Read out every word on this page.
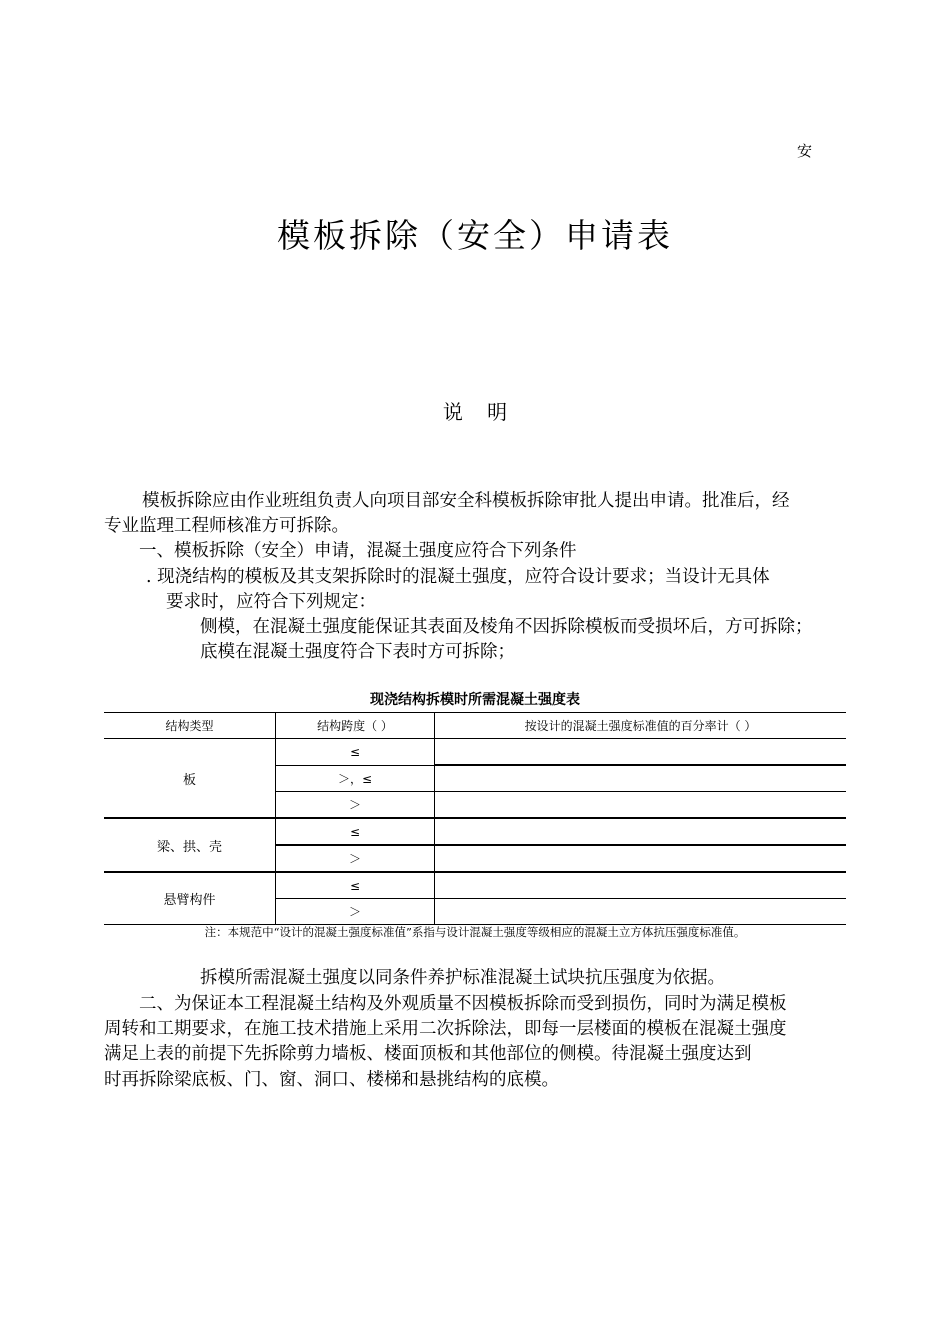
安
模板拆除（安全）申请表
说 明
模板拆除应由作业班组负责人向项目部安全科模板拆除审批人提出申请。批准后，经
专业监理工程师核准方可拆除。
一、模板拆除（安全）申请，混凝土强度应符合下列条件
. 现浇结构的模板及其支架拆除时的混凝土强度，应符合设计要求；当设计无具体
要求时，应符合下列规定：
侧模，在混凝土强度能保证其表面及棱角不因拆除模板而受损坏后，方可拆除；
底模在混凝土强度符合下表时方可拆除；
现浇结构拆模时所需混凝土强度表
结构类型	结构跨度（ ）	按设计的混凝土强度标准值的百分率计（ ）
板	≤	
	＞，≤	
	＞	
梁、拱、壳	≤	
	＞	
悬臂构件	≤	
	＞	
注：本规范中“设计的混凝土强度标准值”系指与设计混凝土强度等级相应的混凝土立方体抗压强度标准值。
拆模所需混凝土强度以同条件养护标准混凝土试块抗压强度为依据。
二、为保证本工程混凝土结构及外观质量不因模板拆除而受到损伤，同时为满足模板
周转和工期要求，在施工技术措施上采用二次拆除法，即每一层楼面的模板在混凝土强度
满足上表的前提下先拆除剪力墙板、楼面顶板和其他部位的侧模。待混凝土强度达到
时再拆除梁底板、门、窗、洞口、楼梯和悬挑结构的底模。
